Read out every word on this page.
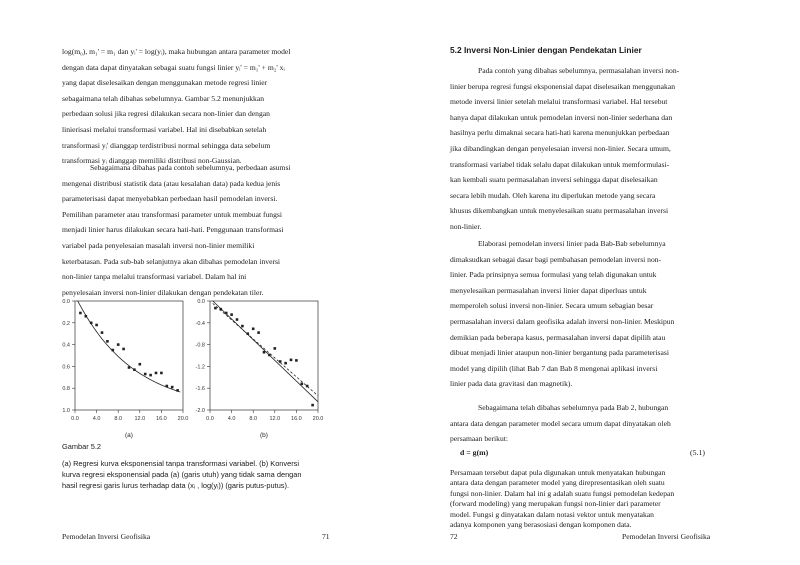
log(m₀), m₁' = m₁ dan yᵢ' = log(yᵢ), maka hubungan antara parameter model
dengan data dapat dinyatakan sebagai suatu fungsi linier yᵢ' = m₁' + m₂' xᵢ
yang dapat diselesaikan dengan menggunakan metode regresi linier
sebagaimana telah dibahas sebelumnya. Gambar 5.2 menunjukkan
perbedaan solusi jika regresi dilakukan secara non-linier dan dengan
linierisasi melalui transformasi variabel. Hal ini disebabkan setelah
transformasi yᵢ' dianggap terdistribusi normal sehingga data sebelum
transformasi yᵢ dianggap memiliki distribusi non-Gaussian.
Sebagaimana dibahas pada contoh sebelumnya, perbedaan asumsi
mengenai distribusi statistik data (atau kesalahan data) pada kedua jenis
parameterisasi dapat menyebabkan perbedaan hasil pemodelan inversi.
Pemilihan parameter atau transformasi parameter untuk membuat fungsi
menjadi linier harus dilakukan secara hati-hati. Penggunaan transformasi
variabel pada penyelesaian masalah inversi non-linier memiliki
keterbatasan. Pada sub-bab selanjutnya akan dibahas pemodelan inversi
non-linier tanpa melalui transformasi variabel. Dalam hal ini
penyelesaian inversi non-linier dilakukan dengan pendekatan tiler.
0.0	4.0	8.0 12.0 16.0 20.0
0.0
0.2
0.4
0.6
0.8
1.0
(a)
0.0	4.0	8.0 12.0 16.0 20.0
0.0
-0.4
-0.8
-1.2
-1.6
-2.0
(b)
Gambar 5.2
(a) Regresi kurva eksponensial tanpa transformasi variabel. (b) Konversi
kurva regresi eksponensial pada (a) (garis utuh) yang tidak sama dengan
hasil regresi garis lurus terhadap data (xᵢ , log(yᵢ)) (garis putus-putus).
Pemodelan Inversi Geofisika	71
5.2 Inversi Non-Linier dengan Pendekatan Linier
Pada contoh yang dibahas sebelumnya, permasalahan inversi non-
linier berupa regresi fungsi eksponensial dapat diselesaikan menggunakan
metode inversi linier setelah melalui transformasi variabel. Hal tersebut
hanya dapat dilakukan untuk pemodelan inversi non-linier sederhana dan
hasilnya perlu dimaknai secara hati-hati karena menunjukkan perbedaan
jika dibandingkan dengan penyelesaian inversi non-linier. Secara umum,
transformasi variabel tidak selalu dapat dilakukan untuk memformulasi-
kan kembali suatu permasalahan inversi sehingga dapat diselesaikan
secara lebih mudah. Oleh karena itu diperlukan metode yang secara
khusus dikembangkan untuk menyelesaikan suatu permasalahan inversi
non-linier.
Elaborasi pemodelan inversi linier pada Bab-Bab sebelumnya
dimaksudkan sebagai dasar bagi pembahasan pemodelan inversi non-
linier. Pada prinsipnya semua formulasi yang telah digunakan untuk
menyelesaikan permasalahan inversi linier dapat diperluas untuk
memperoleh solusi inversi non-linier. Secara umum sebagian besar
permasalahan inversi dalam geofisika adalah inversi non-linier. Meskipun
demikian pada beberapa kasus, permasalahan inversi dapat dipilih atau
dibuat menjadi linier ataupun non-linier bergantung pada parameterisasi
model yang dipilih (lihat Bab 7 dan Bab 8 mengenai aplikasi inversi
linier pada data gravitasi dan magnetik).
Sebagaimana telah dibahas sebelumnya pada Bab 2, hubungan
antara data dengan parameter model secara umum dapat dinyatakan oleh
persamaan berikut:
d = g(m)	(5.1)
Persamaan tersebut dapat pula digunakan untuk menyatakan hubungan
antara data dengan parameter model yang direpresentasikan oleh suatu
fungsi non-linier. Dalam hal ini g adalah suatu fungsi pemodelan kedepan
(forward modeling) yang merupakan fungsi non-linier dari parameter
model. Fungsi g dinyatakan dalam notasi vektor untuk menyatakan
adanya komponen yang berasosiasi dengan komponen data.
72	Pemodelan Inversi Geofisika
